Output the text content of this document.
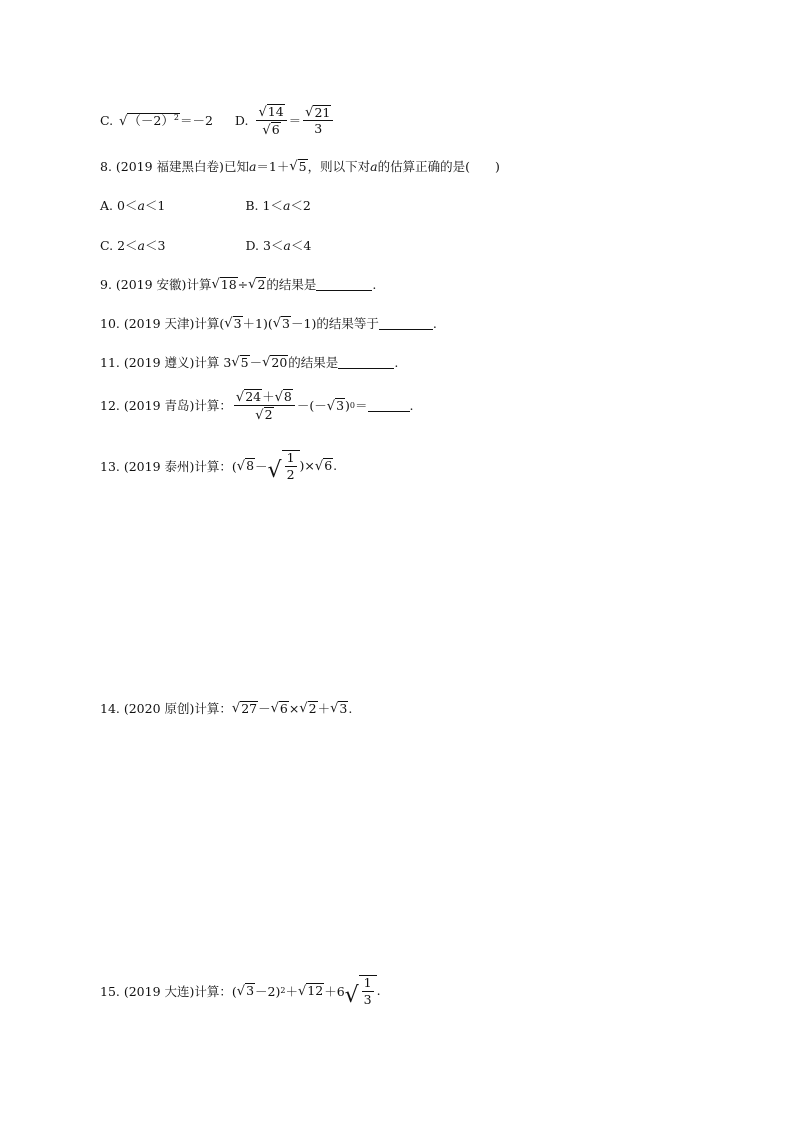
C. √ $(-2)^2 =-2$ D. $\frac{√ 14}{√ 6} = \frac{√ 21}{3}$
8. (2019 福建黑白卷)已知 a ＝1＋ √ 5 ，则以下对 a 的估算正确的是(　　)
A. 0＜a＜1	B. 1＜a＜2
C. 2＜a＜3	D. 3＜a＜4
9. (2019 安徽)计算 √ 18 ÷ √ 2 的结果是	.
10. (2019 天津)计算( √ 3 ＋1)( √ 3 －1)的结果等于	.
11. (2019 遵义)计算 3 √ 5 － √ 20 的结果是	.
12. (2019 青岛)计算： $\frac{√ 24 + √ 8}{√ 2}$ －(－ √ 3 ) 0 ＝	.
13. (2019 泰州)计算：( √ 8 － √ $\frac{1}{2}$ )× √ 6 .
14. (2020 原创)计算： √ 27 － √ 6 × √ 2 ＋ √ 3 .
15. (2019 大连)计算：( √ 3 －2) 2 ＋ √ 12 ＋6 √ $\frac{1}{3}$ .
